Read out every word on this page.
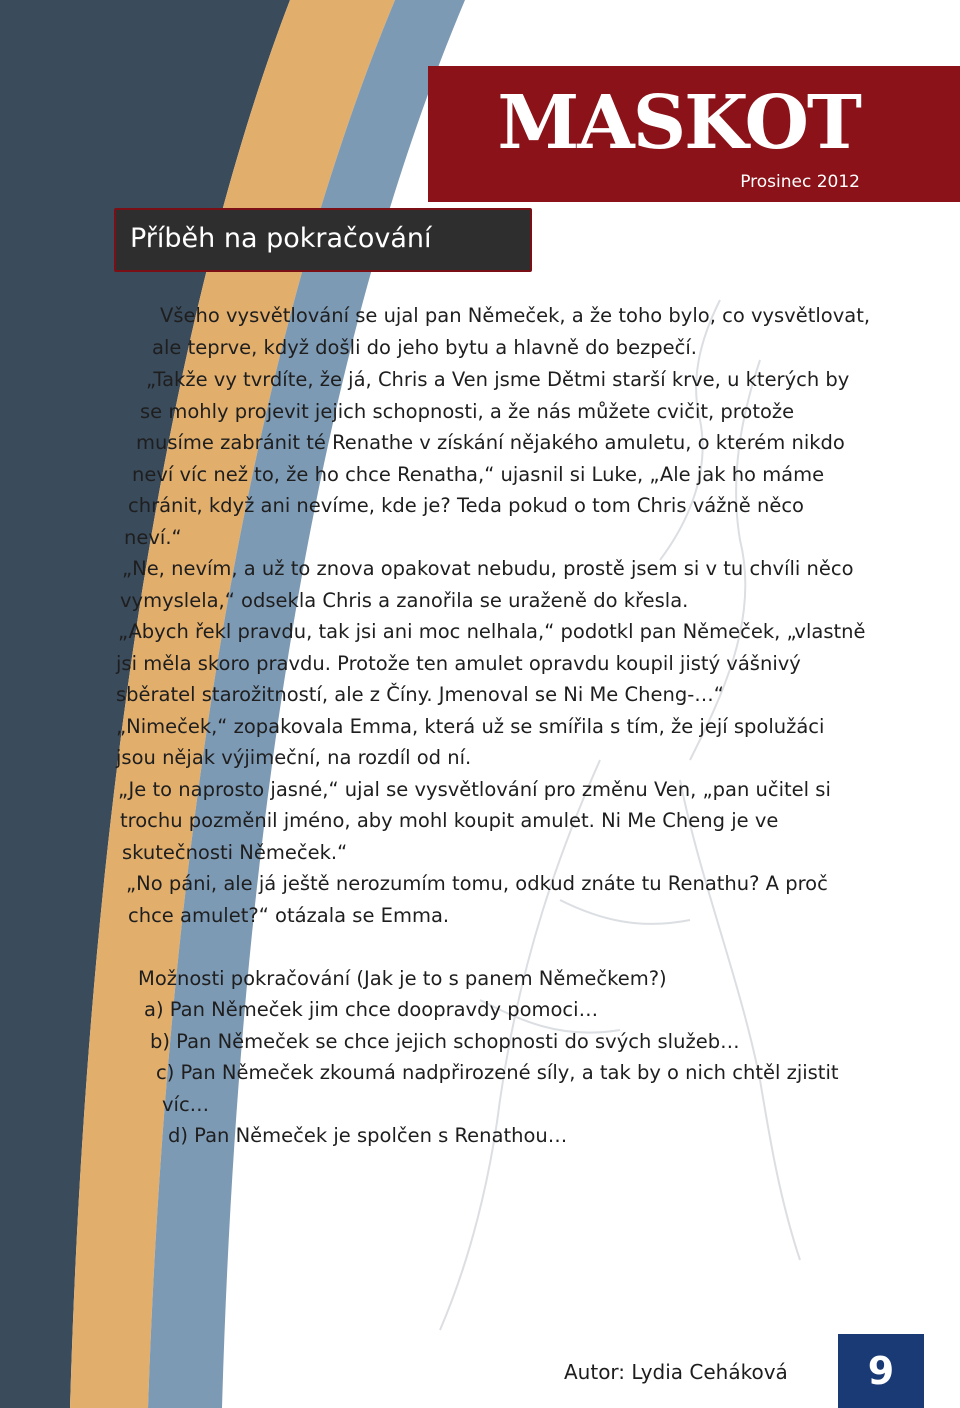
MASKOT
Prosinec 2012
Příběh na pokračování
Všeho vysvětlování se ujal pan Němeček, a že toho bylo, co vysvětlovat,
ale teprve, když došli do jeho bytu a hlavně do bezpečí.
„Takže vy tvrdíte, že já, Chris a Ven jsme Dětmi starší krve, u kterých by
se mohly projevit jejich schopnosti, a že nás můžete cvičit, protože
musíme zabránit té Renathe v získání nějakého amuletu, o kterém nikdo
neví víc než to, že ho chce Renatha,“ ujasnil si Luke, „Ale jak ho máme
chránit, když ani nevíme, kde je? Teda pokud o tom Chris vážně něco
neví.“
„Ne, nevím, a už to znova opakovat nebudu, prostě jsem si v tu chvíli něco
vymyslela,“ odsekla Chris a zanořila se uraženě do křesla.
„Abych řekl pravdu, tak jsi ani moc nelhala,“ podotkl pan Němeček, „vlastně
jsi měla skoro pravdu. Protože ten amulet opravdu koupil jistý vášnivý
sběratel starožitností, ale z Číny. Jmenoval se Ni Me Cheng-…“
„Nimeček,“ zopakovala Emma, která už se smířila s tím, že její spolužáci
jsou nějak výjimeční, na rozdíl od ní.
„Je to naprosto jasné,“ ujal se vysvětlování pro změnu Ven, „pan učitel si
trochu pozměnil jméno, aby mohl koupit amulet. Ni Me Cheng je ve
skutečnosti Němeček.“
„No páni, ale já ještě nerozumím tomu, odkud znáte tu Renathu? A proč
chce amulet?“ otázala se Emma.
Možnosti pokračování (Jak je to s panem Němečkem?)
a) Pan Němeček jim chce doopravdy pomoci…
b) Pan Němeček se chce jejich schopnosti do svých služeb…
c) Pan Němeček zkoumá nadpřirozené síly, a tak by o nich chtěl zjistit
víc…
d) Pan Němeček je spolčen s Renathou…
Autor: Lydia Ceháková	9
